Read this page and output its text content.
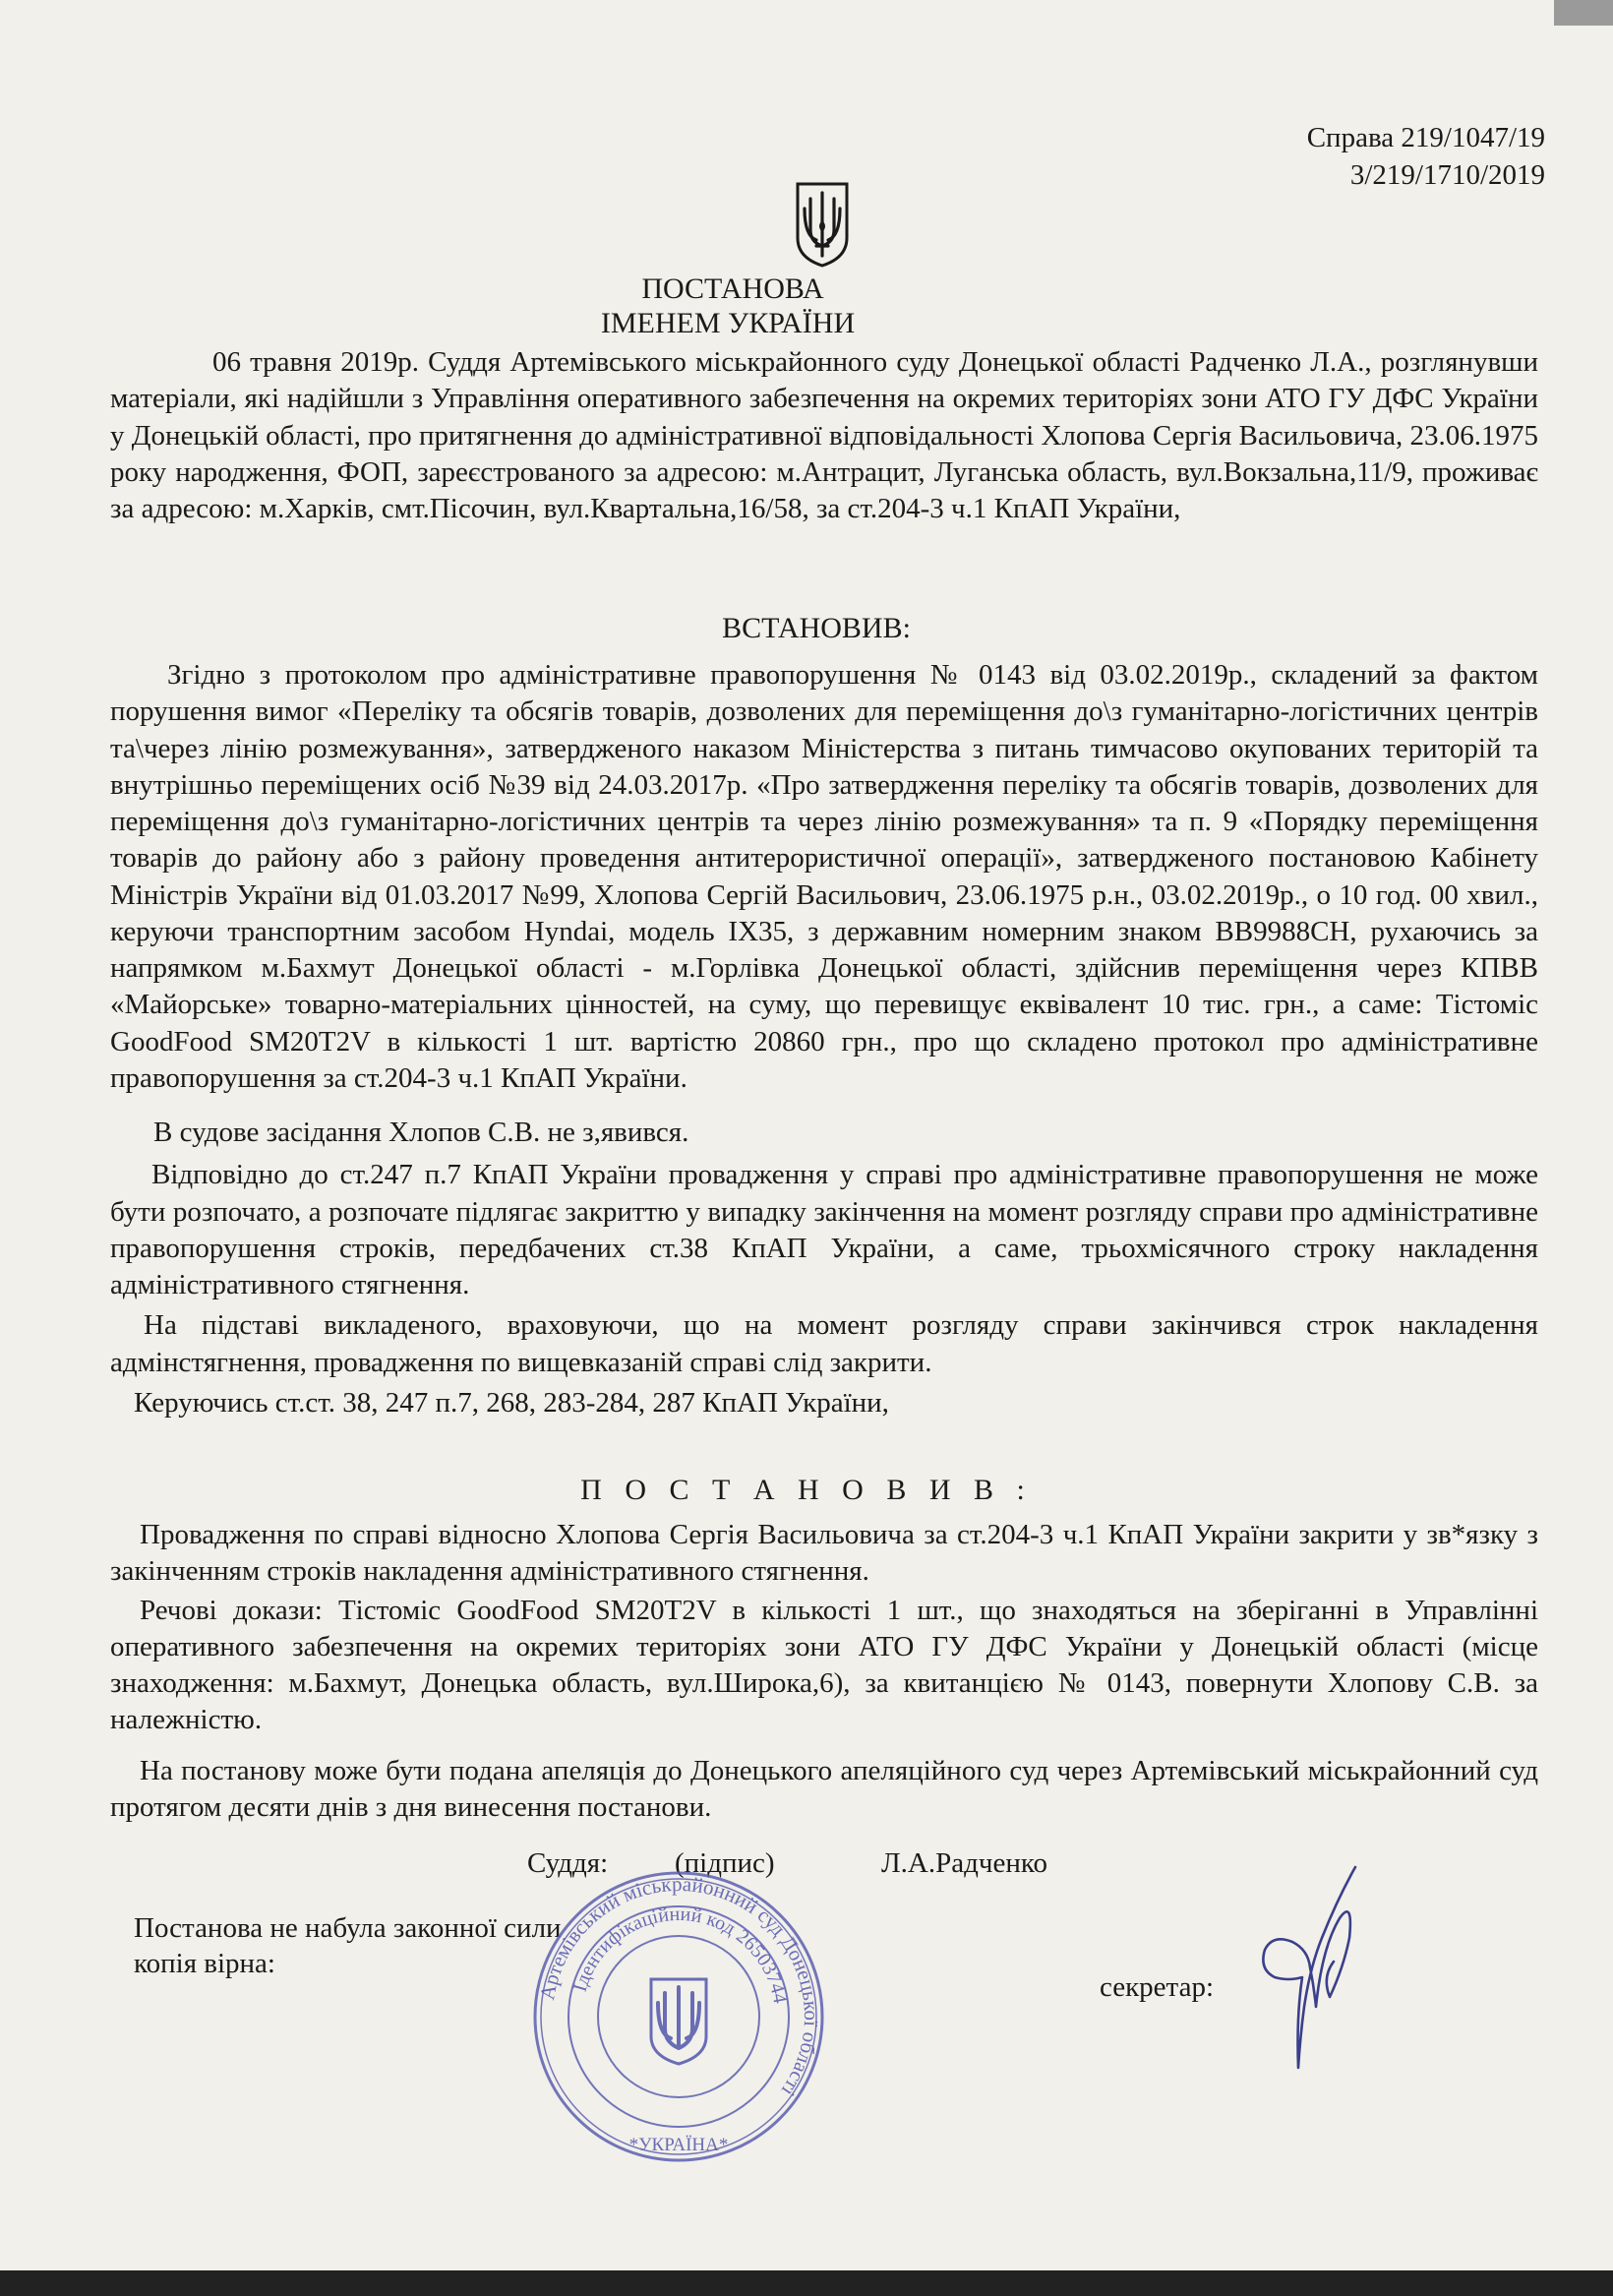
Справа 219/1047/19
3/219/1710/2019
ПОСТАНОВА
ІМЕНЕМ УКРАЇНИ

06 травня 2019р. Суддя Артемівського міськрайонного суду Донецької області Радченко Л.А., розглянувши матеріали, які надійшли з Управління оперативного забезпечення на окремих територіях зони АТО ГУ ДФС України у Донецькій області, про притягнення до адміністративної відповідальності Хлопова Сергія Васильовича, 23.06.1975 року народження, ФОП, зареєстрованого за адресою: м.Антрацит, Луганська область, вул.Вокзальна,11/9, проживає за адресою: м.Харків, смт.Пісочин, вул.Квартальна,16/58, за ст.204-3 ч.1 КпАП України,

ВСТАНОВИВ:

Згідно з протоколом про адміністративне правопорушення № 0143 від 03.02.2019р., складений за фактом порушення вимог «Переліку та обсягів товарів, дозволених для переміщення до\з гуманітарно-логістичних центрів та\через лінію розмежування», затвердженого наказом Міністерства з питань тимчасово окупованих територій та внутрішньо переміщених осіб №39 від 24.03.2017р. «Про затвердження переліку та обсягів товарів, дозволених для переміщення до\з гуманітарно-логістичних центрів та через лінію розмежування» та п. 9 «Порядку переміщення товарів до району або з району проведення антитерористичної операції», затвердженого постановою Кабінету Міністрів України від 01.03.2017 №99, Хлопова Сергій Васильович, 23.06.1975 р.н., 03.02.2019р., о 10 год. 00 хвил., керуючи транспортним засобом Hyndai, модель IX35, з державним номерним знаком ВВ9988СН, рухаючись за напрямком м.Бахмут Донецької області - м.Горлівка Донецької області, здійснив переміщення через КПВВ «Майорське» товарно-матеріальних цінностей, на суму, що перевищує еквівалент 10 тис. грн., а саме: Тістоміс GoodFood SM20T2V в кількості 1 шт. вартістю 20860 грн., про що складено протокол про адміністративне правопорушення за ст.204-3 ч.1 КпАП України.

В судове засідання Хлопов С.В. не з,явився.

Відповідно до ст.247 п.7 КпАП України провадження у справі про адміністративне правопорушення не може бути розпочато, а розпочате підлягає закриттю у випадку закінчення на момент розгляду справи про адміністративне правопорушення строків, передбачених ст.38 КпАП України, а саме, трьохмісячного строку накладення адміністративного стягнення.

На підставі викладеного, враховуючи, що на момент розгляду справи закінчився строк накладення адмінстягнення, провадження по вищевказаній справі слід закрити.

Керуючись ст.ст. 38, 247 п.7, 268, 283-284, 287 КпАП України,

П О С Т А Н О В И В :

Провадження по справі відносно Хлопова Сергія Васильовича за ст.204-3 ч.1 КпАП України закрити у зв*язку з закінченням строків накладення адміністративного стягнення.

Речові докази: Тістоміс GoodFood SM20T2V в кількості 1 шт., що знаходяться на зберіганні в Управлінні оперативного забезпечення на окремих територіях зони АТО ГУ ДФС України у Донецькій області (місце знаходження: м.Бахмут, Донецька область, вул.Широка,6), за квитанцією № 0143, повернути Хлопову С.В. за належністю.

На постанову може бути подана апеляція до Донецького апеляційного суд через Артемівський міськрайонний суд протягом десяти днів з дня винесення постанови.

Суддя: (підпис)	Л.А.Радченко
Постанова не набула законної сили
копія вірна:
секретар:
Артемівський міськрайонний суд Донецької області
Ідентифікаційний код 26503744
*УКРАЇНА*
